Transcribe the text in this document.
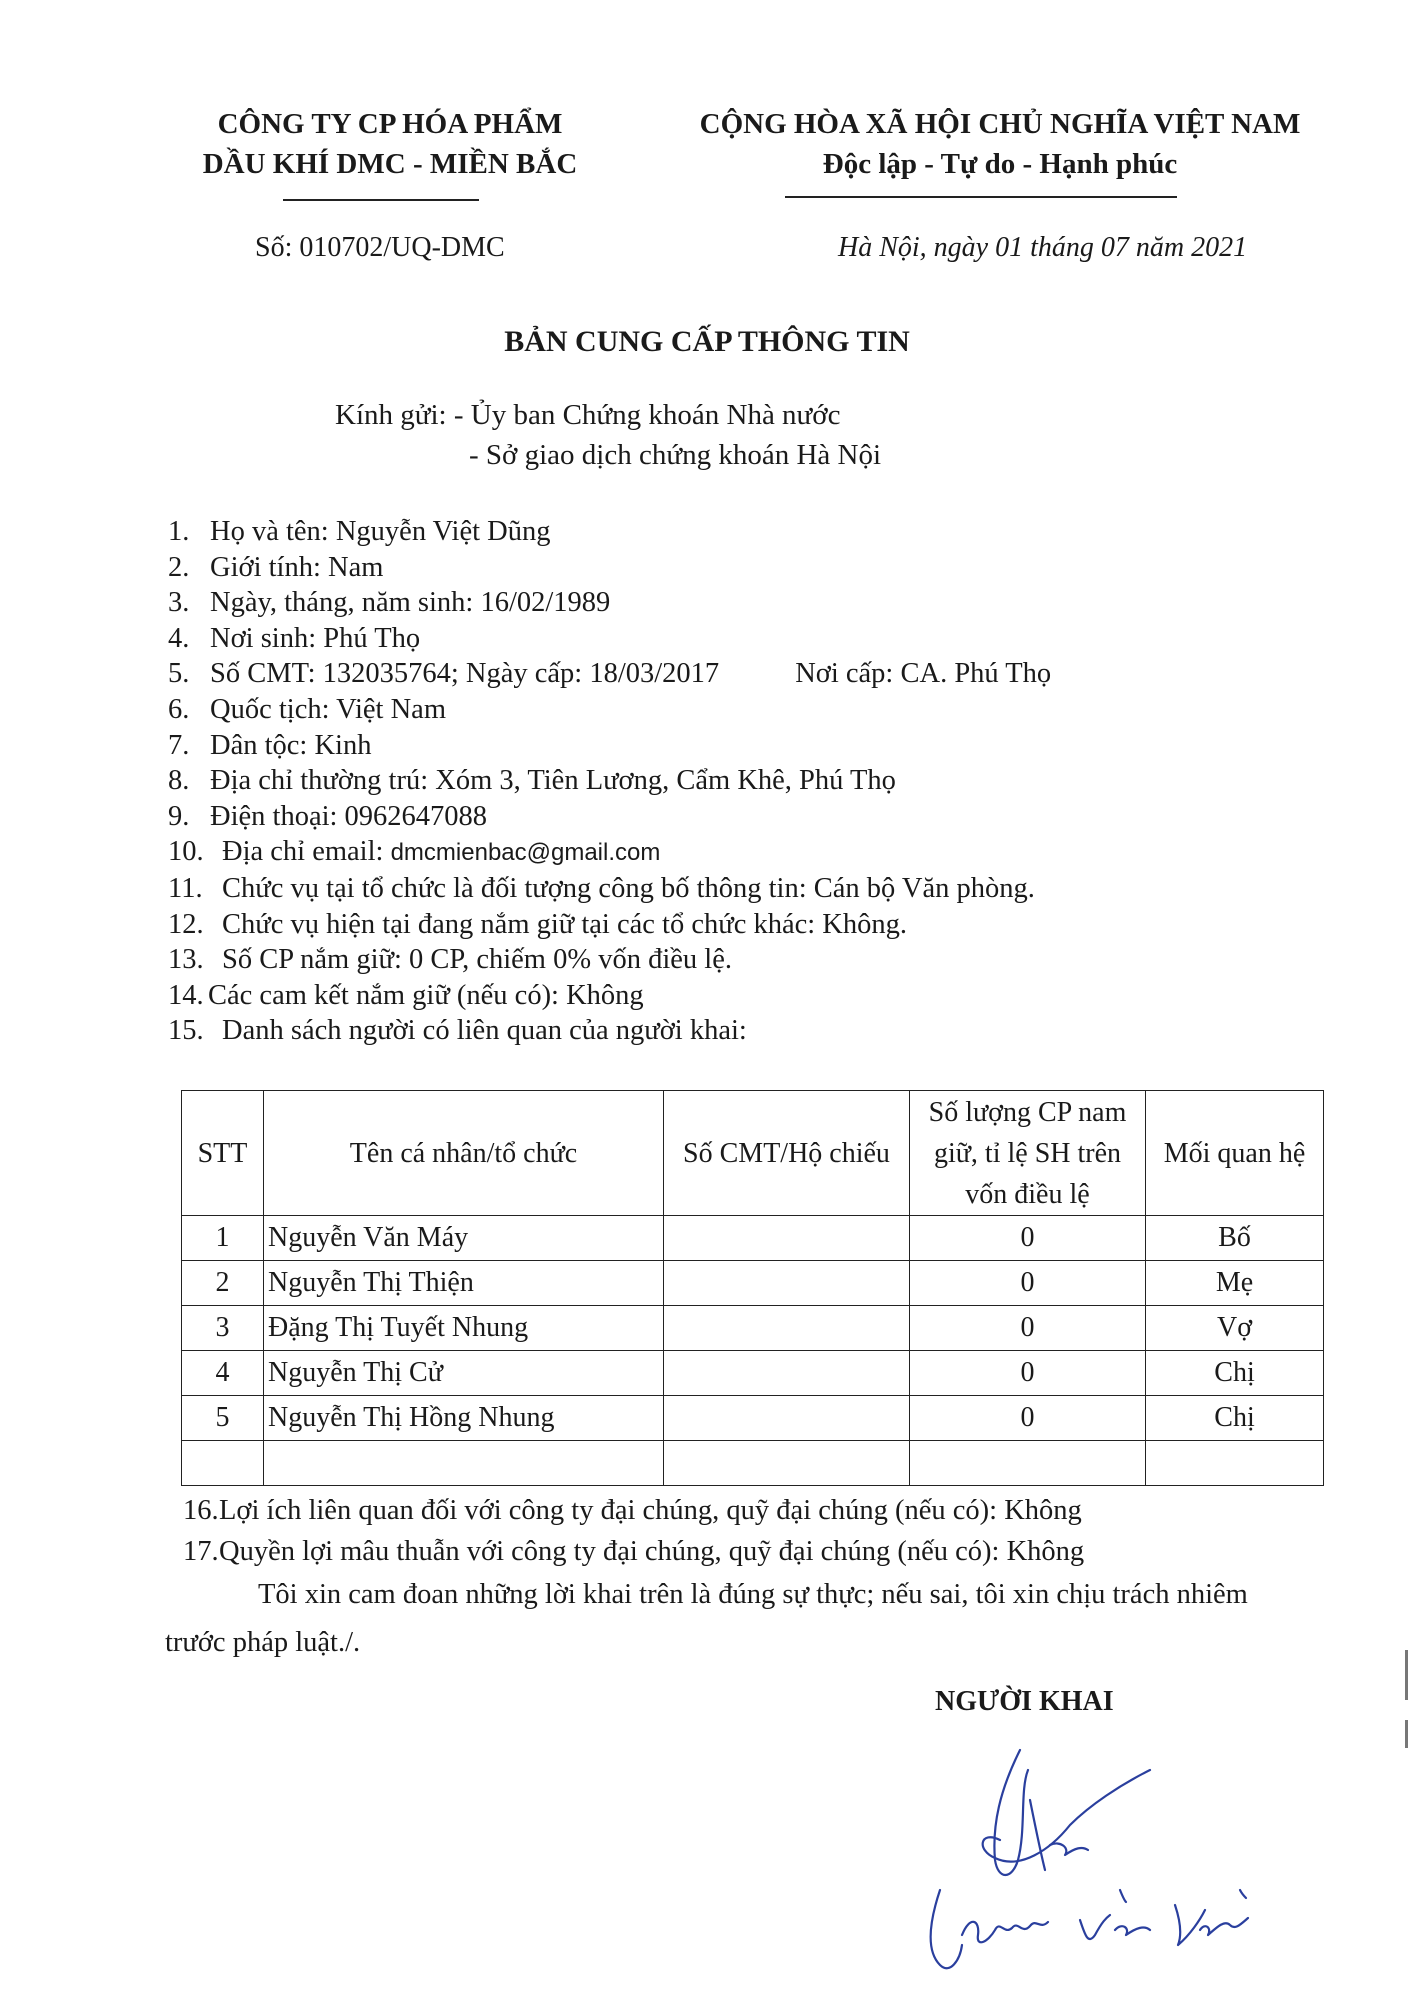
CÔNG TY CP HÓA PHẨM
DẦU KHÍ DMC - MIỀN BẮC
CỘNG HÒA XÃ HỘI CHỦ NGHĨA VIỆT NAM
Độc lập - Tự do - Hạnh phúc
Số: 010702/UQ-DMC	Hà Nội, ngày 01 tháng 07 năm 2021
BẢN CUNG CẤP THÔNG TIN
Kính gửi: - Ủy ban Chứng khoán Nhà nước
- Sở giao dịch chứng khoán Hà Nội
1. Họ và tên: Nguyễn Việt Dũng
2. Giới tính: Nam
3. Ngày, tháng, năm sinh: 16/02/1989
4. Nơi sinh: Phú Thọ
5. Số CMT: 132035764; Ngày cấp: 18/03/2017	Nơi cấp: CA. Phú Thọ
6. Quốc tịch: Việt Nam
7. Dân tộc: Kinh
8. Địa chỉ thường trú: Xóm 3, Tiên Lương, Cẩm Khê, Phú Thọ
9. Điện thoại: 0962647088
10. Địa chỉ email: dmcmienbac@gmail.com
11. Chức vụ tại tổ chức là đối tượng công bố thông tin: Cán bộ Văn phòng.
12. Chức vụ hiện tại đang nắm giữ tại các tổ chức khác: Không.
13. Số CP nắm giữ: 0 CP, chiếm 0% vốn điều lệ.
14. Các cam kết nắm giữ (nếu có): Không
15. Danh sách người có liên quan của người khai:
STT	Tên cá nhân/tổ chức	Số CMT/Hộ chiếu	Số lượng CP nam giữ, tỉ lệ SH trên vốn điều lệ	Mối quan hệ
1	Nguyễn Văn Máy		0	Bố
2	Nguyễn Thị Thiện		0	Mẹ
3	Đặng Thị Tuyết Nhung		0	Vợ
4	Nguyễn Thị Cử		0	Chị
5	Nguyễn Thị Hồng Nhung		0	Chị

16.Lợi ích liên quan đối với công ty đại chúng, quỹ đại chúng (nếu có): Không
17.Quyền lợi mâu thuẫn với công ty đại chúng, quỹ đại chúng (nếu có): Không
Tôi xin cam đoan những lời khai trên là đúng sự thực; nếu sai, tôi xin chịu trách nhiêm
trước pháp luật./.
NGƯỜI KHAI
